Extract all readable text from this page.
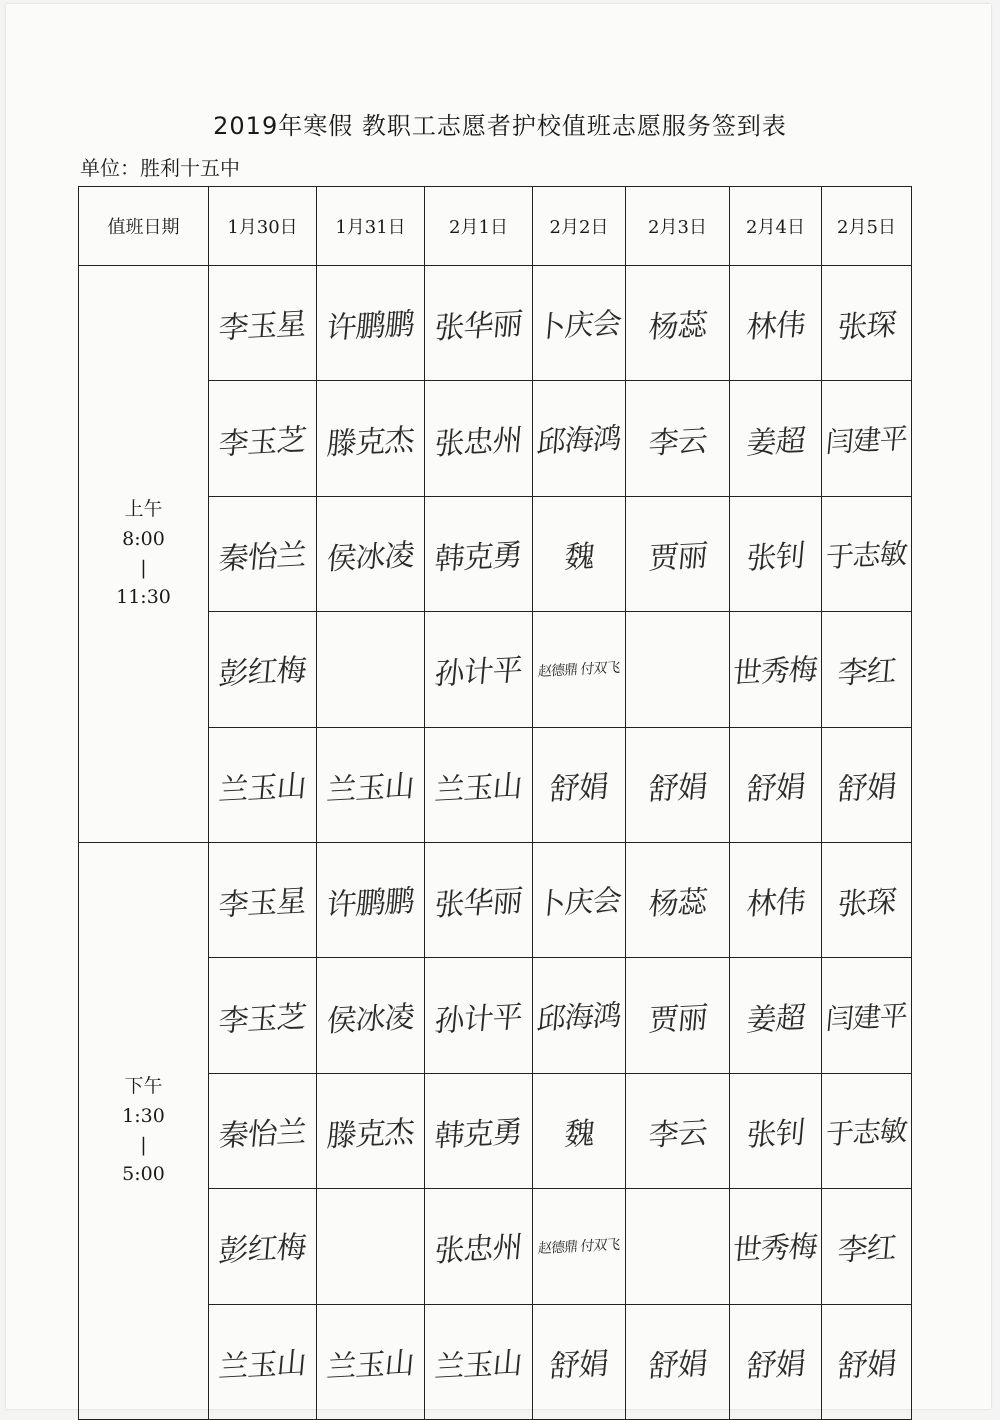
2019年寒假 教职工志愿者护校值班志愿服务签到表
单位：胜利十五中
值班日期	1月30日	1月31日	2月1日	2月2日	2月3日	2月4日	2月5日

上午
8:00
|
11:30	李玉星	许鹏鹏	张华丽	卜庆会	杨蕊	林伟	张琛
	李玉芝	滕克杰	张忠州	邱海鸿	李云	姜超	闫建平
	秦怡兰	侯冰凌	韩克勇	魏	贾丽	张钊	于志敏
	彭红梅		孙计平	赵德鼎 付双飞		世秀梅	李红
	兰玉山	兰玉山	兰玉山	舒娟	舒娟	舒娟	舒娟

下午
1:30
|
5:00	李玉星	许鹏鹏	张华丽	卜庆会	杨蕊	林伟	张琛
	李玉芝	侯冰凌	孙计平	邱海鸿	贾丽	姜超	闫建平
	秦怡兰	滕克杰	韩克勇	魏	李云	张钊	于志敏
	彭红梅		张忠州	赵德鼎 付双飞		世秀梅	李红
	兰玉山	兰玉山	兰玉山	舒娟	舒娟	舒娟	舒娟
